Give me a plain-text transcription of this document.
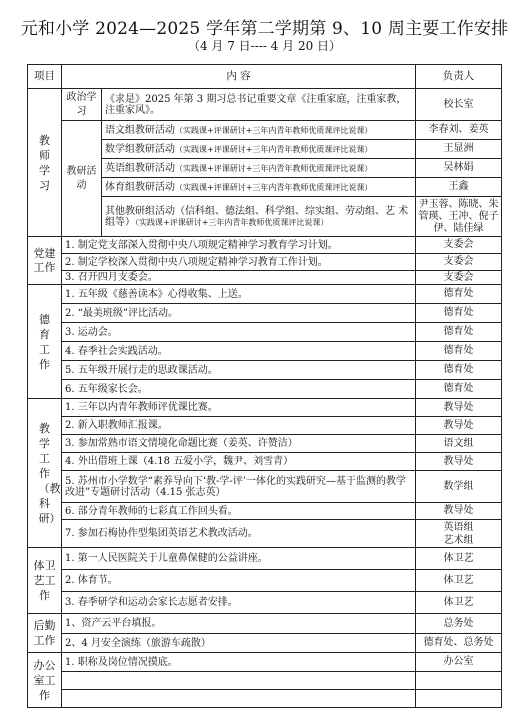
元和小学 2024—2025 学年第二学期第 9、10 周主要工作安排
（4 月 7 日---- 4 月 20 日）
项目	内 容		负责人
教师学习	政治学习	《求是》2025 年第 3 期习总书记重要文章《注重家庭，注重家教，注重家风》。	校长室
	教研活动	语文组教研活动（实践课+评课研讨+三年内青年教师优质课评比说课）	李春刘、姜英
		数学组教研活动（实践课+评课研讨+三年内青年教师优质课评比说课）	王显洲
		英语组教研活动（实践课+评课研讨+三年内青年教师优质课评比说课）	吴林娟
		体育组教研活动（实践课+评课研讨+三年内青年教师优质课评比说课）	王鑫
		其他教研组活动（信科组、德法组、科学组、综实组、劳动组、艺 术组等）（实践课+评课研讨+三年内青年教师优质课评比说课）	尹玉蓉、陈晓、朱管瑛、王冲、倪子伊、陆佳绿
党建工作	1. 制定党支部深入贯彻中央八项规定精神学习教育学习计划。		支委会
	2. 制定学校深入贯彻中央八项规定精神学习教育工作计划。		支委会
	3. 召开四月支委会。		支委会
德育工作	1. 五年级《慈善读本》心得收集、上送。		德育处
	2. “最美班级”评比活动。		德育处
	3. 运动会。		德育处
	4. 春季社会实践活动。		德育处
	5. 五年级开展行走的思政课活动。		德育处
	6. 五年级家长会。		德育处
教学工作（教科研）	1. 三年以内青年教师评优课比赛。		教导处
	2. 新入职教师汇报课。		教导处
	3. 参加常熟市语文情境化命题比赛（姜英、许赞洁）		语文组
	4. 外出借班上课（4.18 五爱小学，魏尹、刘雪青）		教导处
	5. 苏州市小学数学“素养导向下‘教-学-评’一体化的实践研究—基于监测的教学改进”专题研讨活动（4.15 张志英）		数学组
	6. 部分青年教师的七彩真工作回头看。		教导处
	7. 参加石梅协作型集团英语艺术教改活动。		英语组 艺术组
体卫艺工作	1. 第一人民医院关于儿童鼻保健的公益讲座。		体卫艺
	2. 体育节。		体卫艺
	3. 春季研学和运动会家长志愿者安排。		体卫艺
后勤工作	1、资产云平台填报。		总务处
	2、4 月安全演练（旅游车疏散）		德育处、总务处
办公室工作	1. 职称及岗位情况摸底。		办公室
